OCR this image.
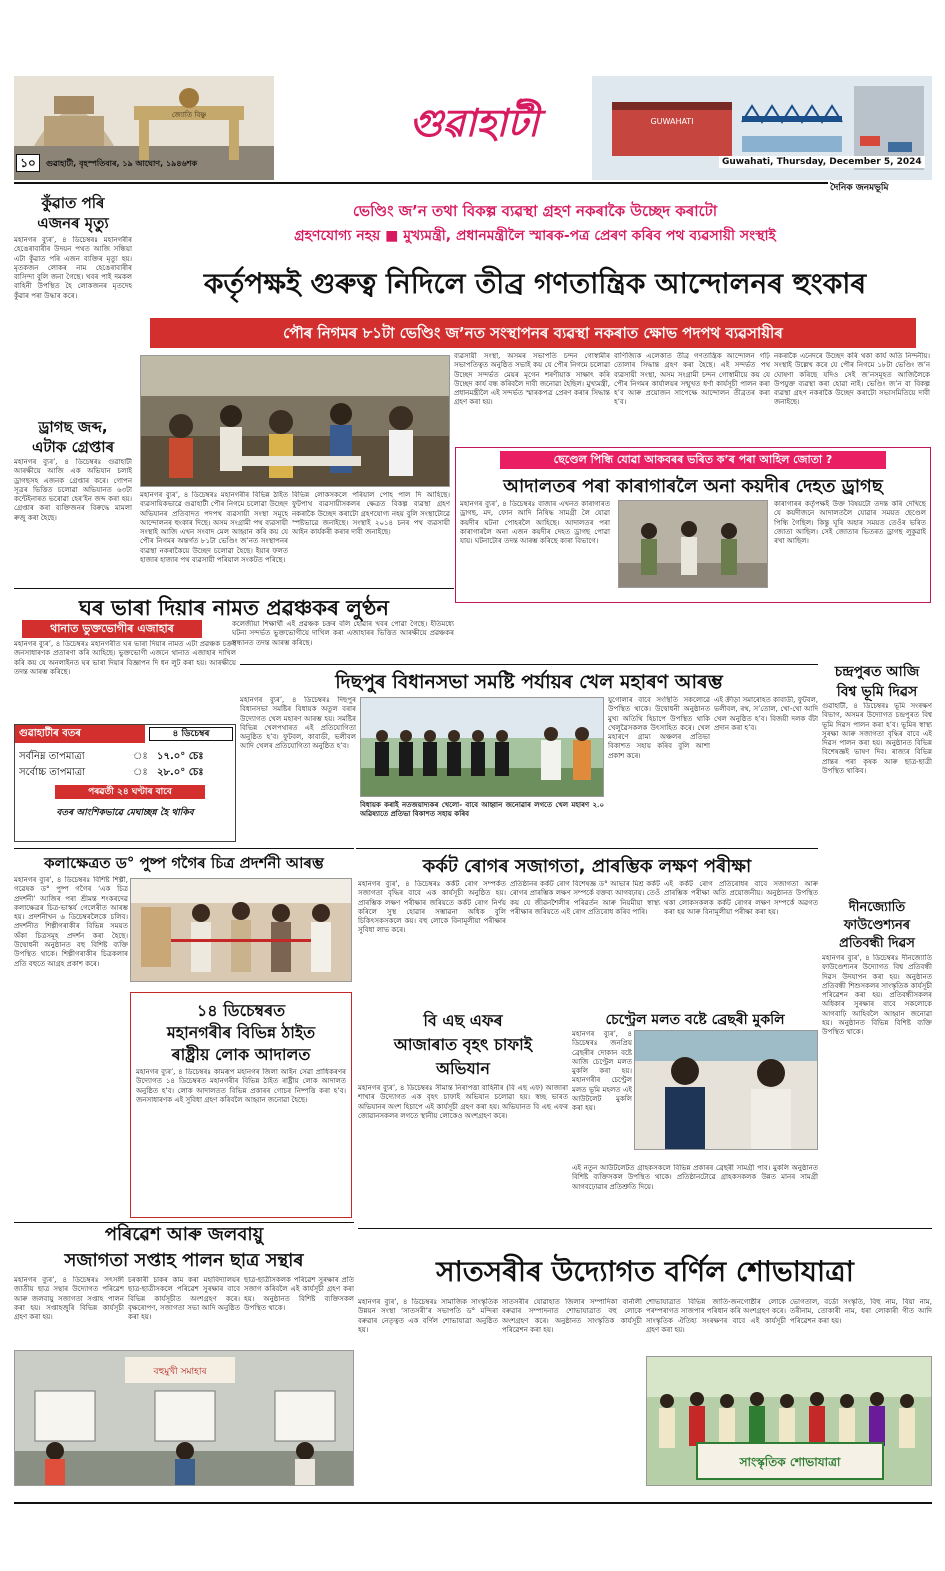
জ্যোতি বিষ্ণু
১০	গুৱাহাটী, বৃহস্পতিবাৰ, ১৯ আঘোণ, ১৯৪৬শক
গুৱাহাটী	GUWAHATI
Guwahati, Thursday, December 5, 2024
দৈনিক জনমভূমি
কুঁৱাত পৰি
এজনৰ মৃত্যু
মহানগৰ ব্যুৰ’, ৪ ডিচেম্বৰঃ মহানগৰীৰ হেঙেৰাবাৰীৰ উদয়ন পথত আজি সন্ধিয়া এটা কুঁৱাত পৰি এজন ব্যক্তিৰ মৃত্যু হয়। মৃতকজন লোকৰ নাম হেঙেৰাবাৰীৰ বাসিন্দা বুলি জনা গৈছে। খবৰ পাই দমকল বাহিনী উপস্থিত হৈ লোকজনৰ মৃতদেহ কুঁৱাৰ পৰা উদ্ধাৰ কৰে।
ড্ৰাগছ জব্দ,
এটাক গ্ৰেপ্তাৰ
মহানগৰ ব্যুৰ’, ৪ ডিচেম্বৰঃ গুৱাহাটী আৰক্ষীয়ে আজি এক অভিযান চলাই ড্ৰাগছসহ এজনক গ্ৰেপ্তাৰ কৰে। গোপন সূত্ৰৰ ভিত্তিত চলোৱা অভিযানত ৬৩টা কন্টেইনাৰত ভৰোৱা হেৰ’ইন জব্দ কৰা হয়। গ্ৰেপ্তাৰ কৰা ব্যক্তিজনৰ বিৰুদ্ধে মামলা ৰুজু কৰা হৈছে।
ভেণ্ডিং জ’ন তথা বিকল্প ব্যৱস্থা গ্ৰহণ নকৰাকৈ উচ্ছেদ কৰাটো
গ্ৰহণযোগ্য নহয় ■ মুখ্যমন্ত্ৰী, প্ৰধানমন্ত্ৰীলৈ স্মাৰক-পত্ৰ প্ৰেৰণ কৰিব পথ ব্যৱসায়ী সংস্থাই
কৰ্তৃপক্ষই গুৰুত্ব নিদিলে তীব্ৰ গণতান্ত্ৰিক আন্দোলনৰ হুংকাৰ
পৌৰ নিগমৰ ৮১টা ভেণ্ডিং জ’নত সংস্থাপনৰ ব্যৱস্থা নকৰাত ক্ষোভ পদপথ ব্যৱসায়ীৰ
মহানগৰ ব্যুৰ’, ৪ ডিচেম্বৰঃ মহানগৰীৰ বিভিন্ন ঠাইত ব্যৱসায়িকভাৱে গুৱাহাটী পৌৰ নিগমে চলোৱা উচ্ছেদ অভিযানৰ প্ৰতিবাদত পদপথ ব্যৱসায়ী সংস্থা সমূহে আন্দোলনৰ হুংকাৰ দিছে। অসম সংগ্ৰামী পথ ব্যৱসায়ী সংস্থাই আজি এখন সংবাদ মেল আহ্বান কৰি কয় যে পৌৰ নিগমৰ অন্তৰ্গত ৮১টা ভেণ্ডিং জ’নত সংস্থাপনৰ ব্যৱস্থা নকৰাকৈয়ে উচ্ছেদ চলোৱা হৈছে। ইয়াৰ ফলত হাজাৰ হাজাৰ পথ ব্যৱসায়ী পৰিয়াল সংকটত পৰিছে।
বিভিন্ন লোকসকলে পৰিয়াল পোহ পাল দি আহিছে। ফুটপাথ ব্যৱসায়ীসকলৰ ক্ষেত্ৰত বিকল্প ব্যৱস্থা গ্ৰহণ নকৰাকৈ উচ্ছেদ কৰাটো গ্ৰহণযোগ্য নহয় বুলি সংস্থাটোৱে স্পষ্টভাৱে জনাইছে। সংস্থাই ২০১৪ চনৰ পথ ব্যৱসায়ী আইন কাৰ্যকৰী কৰাৰ দাবী জনাইছে।
ব্যৱসায়ী সংস্থা, অসমৰ সভাপতি চন্দন গোস্বামীৰ সভাপতিত্বত অনুষ্ঠিত সভাই কয় যে পৌৰ নিগমে চলোৱা উচ্ছেদ সন্দৰ্ভত মেয়ৰ মৃগেন শৰণীয়াক সাক্ষাৎ কৰি উচ্ছেদ কাৰ্য বন্ধ কৰিবলৈ দাবী জনোৱা হৈছিল। মুখ্যমন্ত্ৰী, প্ৰধানমন্ত্ৰীলৈ এই সন্দৰ্ভত স্মাৰকপত্ৰ প্ৰেৰণ কৰাৰ সিদ্ধান্ত গ্ৰহণ কৰা হয়।
বাণিজ্যিক এলেকাত তীব্ৰ গণতান্ত্ৰিক আন্দোলন গঢ়ি তোলাৰ সিদ্ধান্ত গ্ৰহণ কৰা হৈছে। এই সন্দৰ্ভত পথ ব্যৱসায়ী সংস্থা, অসম সংগ্ৰামী চন্দন গোস্বামীয়ে কয় যে পৌৰ নিগমৰ কাৰ্যালয়ৰ সন্মুখত ধৰ্ণা কাৰ্যসূচী পালন কৰা হ’ব আৰু প্ৰয়োজন সাপেক্ষে আন্দোলন তীব্ৰতৰ কৰা হ’ব।
নকৰাকৈ এনেদৰে উচ্ছেদ কৰি থকা কাৰ্য অতি নিন্দনীয়। সংস্থাই উল্লেখ কৰে যে পৌৰ নিগমে ১৮টা ভেণ্ডিং জ’ন ঘোষণা কৰিছে যদিও সেই জ’নসমূহত আজিলৈকে উপযুক্ত ব্যৱস্থা কৰা হোৱা নাই। ভেণ্ডিং জ’ন বা বিকল্প ব্যৱস্থা গ্ৰহণ নকৰাকৈ উচ্ছেদ কৰাটো সভাসমিতিয়ে দাবী জনাইছে।
ছেণ্ডেল পিন্ধি যোৱা আকবৰৰ ভৰিত ক’ৰ পৰা আহিল জোতা ?
আদালতৰ পৰা কাৰাগাৰলৈ অনা কয়দীৰ দেহত ড্ৰাগছ
মহানগৰ ব্যুৰ’, ৪ ডিচেম্বৰঃ বাজাৰ এখনত কাৰাগাৰত ড্ৰাগছ, মদ, ফোন আদি নিষিদ্ধ সামগ্ৰী লৈ যোৱা কয়দীৰ ঘটনা পোহৰলৈ আহিছে। আদালতৰ পৰা কাৰাগাৰলৈ অনা এজন কয়দীৰ দেহত ড্ৰাগছ পোৱা যায়। ঘটনাটোৰ তদন্ত আৰম্ভ কৰিছে কাৰা বিভাগে।
কাৰাগাৰৰ কৰ্তৃপক্ষই উক্ত বিষয়টো তদন্ত কৰি দেখিছে যে কয়দীজনে আদালতলৈ যোৱাৰ সময়ত ছেণ্ডেল পিন্ধি গৈছিল। কিন্তু ঘূৰি অহাৰ সময়ত তেওঁৰ ভৰিত জোতা আছিল। সেই জোতাৰ ভিতৰত ড্ৰাগছ লুকুৱাই ৰখা আছিল।
ঘৰ ভাৰা দিয়াৰ নামত প্ৰৱঞ্চকৰ লুণ্ঠন
থানাত ভুক্তভোগীৰ এজাহাৰ
মহানগৰ ব্যুৰ’, ৪ ডিচেম্বৰঃ মহানগৰীত ঘৰ ভাৰা দিয়াৰ নামত এটা প্ৰৱঞ্চক চক্ৰই জনসাধাৰণক প্ৰতাৰণা কৰি আহিছে। ভুক্তভোগী এজনে থানাত এজাহাৰ দাখিল কৰি কয় যে অনলাইনত ঘৰ ভাৰা দিয়াৰ বিজ্ঞাপন দি ধন লুট কৰা হয়। আৰক্ষীয়ে তদন্ত আৰম্ভ কৰিছে।
কলেজীয়া শিক্ষাৰ্থী এই প্ৰৱঞ্চক চক্ৰৰ বলি হোৱাৰ খবৰ পোৱা গৈছে। ইতিমধ্যে ঘটনা সন্দৰ্ভত ভুক্তভোগীয়ে দাখিল কৰা এজাহাৰৰ ভিত্তিত আৰক্ষীয়ে প্ৰৱঞ্চকৰ সন্ধানত তদন্ত আৰম্ভ কৰিছে।
গুৱাহাটীৰ বতৰ	৪ ডিচেম্বৰ
সৰ্বনিম্ন তাপমাত্ৰা	ঃ ১৭.০° চেঃ
সৰ্বোচ্চ তাপমাত্ৰা	ঃ ২৮.০° চেঃ
পৰৱৰ্তী ২৪ ঘণ্টাৰ বাবে
বতৰ আংশিকভাৱে মেঘাচ্ছন্ন হৈ থাকিব
দিছপুৰ বিধানসভা সমষ্টি পৰ্যায়ৰ খেল মহাৰণ আৰম্ভ
মহানগৰ ব্যুৰ’, ৪ ডিচেম্বৰঃ দিছপুৰ বিধানসভা সমষ্টিৰ বিধায়ক অতুল বৰাৰ উদ্যোগত খেল মহাৰণ আৰম্ভ হয়। সমষ্টিৰ বিভিন্ন খেলপথাৰত এই প্ৰতিযোগিতা অনুষ্ঠিত হ’ব। ফুটবল, কাবাডী, ভলীবল আদি খেলৰ প্ৰতিযোগিতা অনুষ্ঠিত হ’ব।
বিধায়ক কৰাই নতজয়াদ্যকৰ খেলো- বাবে আহ্বান জনোৱাৰ লগতে খেল মহাৰণ ২.০ অৱিষ্যাতে প্ৰতিভা বিকাশত সহায় কৰিব
যুগোলাৰ বাবে সংস্থিতি সকলোৱে উপস্থিত থাকে। উদ্বোধনী অনুষ্ঠানত মুখ্য অতিথি হিচাপে উপস্থিত থাকি খেলুৱৈসকলক উৎসাহিত কৰে। খেল মহাৰণে গ্ৰাম্য অঞ্চলৰ প্ৰতিভা বিকাশত সহায় কৰিব বুলি আশা প্ৰকাশ কৰে।
এই ক্ৰীড়া সমাৰোহত কাবাডী, ফুটবল, ভলীবল, ৰথ, স’তোল, খো-খো আদি খেল অনুষ্ঠিত হ’ব। বিজয়ী দলক বঁটা প্ৰদান কৰা হ’ব।
চন্দ্ৰপুৰত আজি
বিশ্ব ভূমি দিৱস
গুৱাহাটী, ৪ ডিচেম্বৰঃ ভূমি সংৰক্ষণ বিভাগ, অসমৰ উদ্যোগত চন্দ্ৰপুৰত বিশ্ব ভূমি দিৱস পালন কৰা হ’ব। ভূমিৰ স্বাস্থ্য সুৰক্ষা আৰু সজাগতা বৃদ্ধিৰ বাবে এই দিৱস পালন কৰা হয়। অনুষ্ঠানত বিভিন্ন বিশেষজ্ঞই ভাষণ দিব। ৰাজ্যৰ বিভিন্ন প্ৰান্তৰ পৰা কৃষক আৰু ছাত্ৰ-ছাত্ৰী উপস্থিত থাকিব।
দীনজ্যোতি
ফাউণ্ডেশ্যনৰ
প্ৰতিবন্ধী দিৱস
মহানগৰ ব্যুৰ’, ৪ ডিচেম্বৰঃ দীনজ্যোতি ফাউণ্ডেশ্যনৰ উদ্যোগত বিশ্ব প্ৰতিবন্ধী দিৱস উদযাপন কৰা হয়। অনুষ্ঠানত প্ৰতিবন্ধী শিশুসকলৰ সাংস্কৃতিক কাৰ্যসূচী পৰিৱেশন কৰা হয়। প্ৰতিবন্ধীসকলৰ অধিকাৰ সুৰক্ষাৰ বাবে সকলোকে আগবাঢ়ি আহিবলৈ আহ্বান জনোৱা হয়। অনুষ্ঠানত বিভিন্ন বিশিষ্ট ব্যক্তি উপস্থিত থাকে।
কলাক্ষেত্ৰত ড° পুষ্প গগৈৰ চিত্ৰ প্ৰদৰ্শনী আৰম্ভ
মহানগৰ ব্যুৰ’, ৪ ডিচেম্বৰঃ বিশিষ্ট শিল্পী, গৱেষক ড° পুষ্প গগৈৰ ‘এক চিত্ৰ প্ৰদৰ্শনী’ আজিৰ পৰা শ্ৰীমন্ত শংকৰদেৱ কলাক্ষেত্ৰৰ চিত্ৰ-ভাস্কৰ্য গেলেৰীত আৰম্ভ হয়। প্ৰদৰ্শনীখন ৬ ডিচেম্বৰলৈকে চলিব। প্ৰদৰ্শনীত শিল্পীগৰাকীৰ বিভিন্ন সময়ত অঁকা চিত্ৰসমূহ প্ৰদৰ্শন কৰা হৈছে। উদ্বোধনী অনুষ্ঠানত বহু বিশিষ্ট ব্যক্তি উপস্থিত থাকে। শিল্পীগৰাকীৰ চিত্ৰকলাৰ প্ৰতি বহুতে আগ্ৰহ প্ৰকাশ কৰে।
১৪ ডিচেম্বৰত
মহানগৰীৰ বিভিন্ন ঠাইত
ৰাষ্ট্ৰীয় লোক আদালত
মহানগৰ ব্যুৰ’, ৪ ডিচেম্বৰঃ কামৰূপ মহানগৰ জিলা আইন সেৱা প্ৰাধিকৰণৰ উদ্যোগত ১৪ ডিচেম্বৰত মহানগৰীৰ বিভিন্ন ঠাইত ৰাষ্ট্ৰীয় লোক আদালত অনুষ্ঠিত হ’ব। লোক আদালতত বিভিন্ন প্ৰকাৰৰ গোচৰ নিষ্পত্তি কৰা হ’ব। জনসাধাৰণক এই সুবিধা গ্ৰহণ কৰিবলৈ আহ্বান জনোৱা হৈছে।
কৰ্কট ৰোগৰ সজাগতা, প্ৰাৰম্ভিক লক্ষণ পৰীক্ষা
মহানগৰ ব্যুৰ’, ৪ ডিচেম্বৰঃ কৰ্কট ৰোগ সম্পৰ্কত সজাগতা বৃদ্ধিৰ বাবে এক কাৰ্যসূচী অনুষ্ঠিত হয়। প্ৰাৰম্ভিক লক্ষণ পৰীক্ষাৰ জৰিয়তে কৰ্কট ৰোগ নিৰ্ণয় কৰিলে সুস্থ হোৱাৰ সম্ভাৱনা অধিক বুলি চিকিৎসকসকলে কয়। বহু লোকে বিনামূলীয়া পৰীক্ষাৰ সুবিধা লাভ কৰে।
প্ৰতিষ্ঠানৰ কৰ্কট ৰোগ বিশেষজ্ঞ ড° আভাৰ মিশ্ৰ কৰ্কট ৰোগৰ প্ৰাৰম্ভিক লক্ষণ সম্পৰ্কে বক্তব্য আগবঢ়ায়। তেওঁ কয় যে জীৱনশৈলীৰ পৰিৱৰ্তন আৰু নিয়মীয়া স্বাস্থ্য পৰীক্ষাৰ জৰিয়তে এই ৰোগ প্ৰতিৰোধ কৰিব পাৰি।
এই কৰ্কট ৰোগ প্ৰতিৰোধৰ বাবে সজাগতা আৰু প্ৰাৰম্ভিক পৰীক্ষা অতি প্ৰয়োজনীয়। অনুষ্ঠানত উপস্থিত থকা লোকসকলক কৰ্কট ৰোগৰ লক্ষণ সম্পৰ্কে অৱগত কৰা হয় আৰু বিনামূলীয়া পৰীক্ষা কৰা হয়।
বি এছ এফৰ
আজাৰাত বৃহৎ চাফাই
অভিযান
মহানগৰ ব্যুৰ’, ৪ ডিচেম্বৰঃ সীমান্ত নিৰাপত্তা বাহিনীৰ (বি এছ এফ) আজাৰা শাখাৰ উদ্যোগত এক বৃহৎ চাফাই অভিযান চলোৱা হয়। স্বচ্ছ ভাৰত অভিযানৰ অংশ হিচাপে এই কাৰ্যসূচী গ্ৰহণ কৰা হয়। অভিযানত বি এছ এফৰ জোৱানসকলৰ লগতে স্থানীয় লোকেও অংশগ্ৰহণ কৰে।
চেণ্ট্ৰেল মলত বষ্টে ব্ৰেছৰী মুকলি
মহানগৰ ব্যুৰ’, ৪ ডিচেম্বৰঃ জনপ্ৰিয় ব্ৰেছৰীৰ দোকান বষ্টে আজি চেণ্ট্ৰেল মলত মুকলি কৰা হয়। মহানগৰীৰ চেণ্ট্ৰেল মলত ভূমি মহলত এই আউটলেট মুকলি কৰা হয়।
এই নতুন আউটলেটত গ্ৰাহকসকলে বিভিন্ন প্ৰকাৰৰ ব্ৰেছৰী সামগ্ৰী পাব। মুকলি অনুষ্ঠানত বিশিষ্ট ব্যক্তিসকল উপস্থিত থাকে। প্ৰতিষ্ঠানটোৱে গ্ৰাহকসকলক উন্নত মানৰ সামগ্ৰী আগবঢ়োৱাৰ প্ৰতিশ্ৰুতি দিয়ে।
পৰিৱেশ আৰু জলবায়ু
সজাগতা সপ্তাহ পালন ছাত্ৰ সন্থাৰ
মহানগৰ ব্যুৰ’, ৪ ডিচেম্বৰঃ সৎসঙ্গী জাতীয় ছাত্ৰ সন্থাৰ উদ্যোগত পৰিৱেশ আৰু জলবায়ু সজাগতা সপ্তাহ পালন কৰা হয়। সপ্তাহজুৰি বিভিন্ন কাৰ্যসূচী গ্ৰহণ কৰা হয়।
চৰকাৰী চাকৰ কাম কৰা মহাবিদ্যালয়ৰ ছাত্ৰ-ছাত্ৰীসকলে পৰিৱেশ সুৰক্ষাৰ বাবে বিভিন্ন কাৰ্যসূচীত অংশগ্ৰহণ কৰে। বৃক্ষৰোপণ, সজাগতা সভা আদি অনুষ্ঠিত কৰা হয়।
ছাত্ৰ-ছাত্ৰীসকলক পৰিৱেশ সুৰক্ষাৰ প্ৰতি সজাগ কৰিবলৈ এই কাৰ্যসূচী গ্ৰহণ কৰা হয়। অনুষ্ঠানত বিশিষ্ট ব্যক্তিসকল উপস্থিত থাকে।
বহুমুখী সমাহাৰ
সাতসৰীৰ উদ্যোগত বৰ্ণিল শোভাযাত্ৰা
মহানগৰ ব্যুৰ’, ৪ ডিচেম্বৰঃ সামাজিক সাংস্কৃতিক উন্নয়ন সংস্থা ‘সাতসৰী’ৰ সভাপতি ড° মন্দিৰা বৰুৱাৰ নেতৃত্বত এক বৰ্ণিল শোভাযাত্ৰা অনুষ্ঠিত হয়।
সাতসৰীৰ যোৱাহাত জিলাৰ সম্পাদিকা বাৰ্নালী বৰুৱাৰ সম্পাদনাত শোভাযাত্ৰাত বহু লোকে অংশগ্ৰহণ কৰে। অনুষ্ঠানত সাংস্কৃতিক কাৰ্যসূচী পৰিৱেশন কৰা হয়।
শোভাযাত্ৰাত বিভিন্ন জাতি-জনগোষ্ঠীৰ লোকে পৰম্পৰাগত সাজপাৰ পৰিধান কৰি অংশগ্ৰহণ কৰে। সাংস্কৃতিক ঐতিহ্য সংৰক্ষণৰ বাবে এই কাৰ্যসূচী গ্ৰহণ কৰা হয়।
ভোগতাল, বৰ্ডো সংস্কৃতি, বিহু নাম, বিয়া নাম, তৰীনাম, তোকাৰী নাম, ধৰা লোকাৰী গীত আদি পৰিৱেশন কৰা হয়।
সাংস্কৃতিক শোভাযাত্ৰা
